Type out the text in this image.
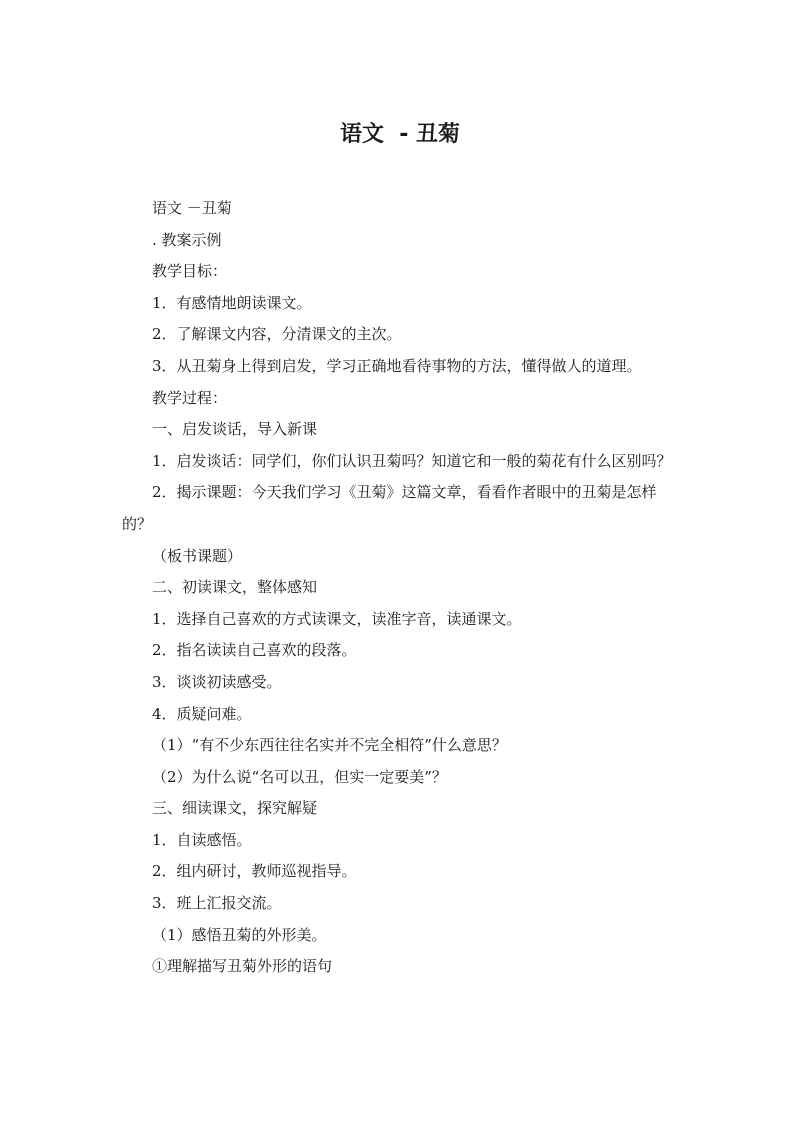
语文  - 丑菊

语文 －丑菊

. 教案示例

教学目标：

1．有感情地朗读课文。

2．了解课文内容，分清课文的主次。

3．从丑菊身上得到启发，学习正确地看待事物的方法，懂得做人的道理。

教学过程：

一、启发谈话，导入新课

1．启发谈话：同学们，你们认识丑菊吗？知道它和一般的菊花有什么区别吗？

2．揭示课题：今天我们学习《丑菊》这篇文章，看看作者眼中的丑菊是怎样的？

（板书课题）

二、初读课文，整体感知

1．选择自己喜欢的方式读课文，读准字音，读通课文。

2．指名读读自己喜欢的段落。

3．谈谈初读感受。

4．质疑问难。

（1）“有不少东西往往名实并不完全相符”什么意思？

（2）为什么说“名可以丑，但实一定要美”？

三、细读课文，探究解疑

1．自读感悟。

2．组内研讨，教师巡视指导。

3．班上汇报交流。

（1）感悟丑菊的外形美。

①理解描写丑菊外形的语句
